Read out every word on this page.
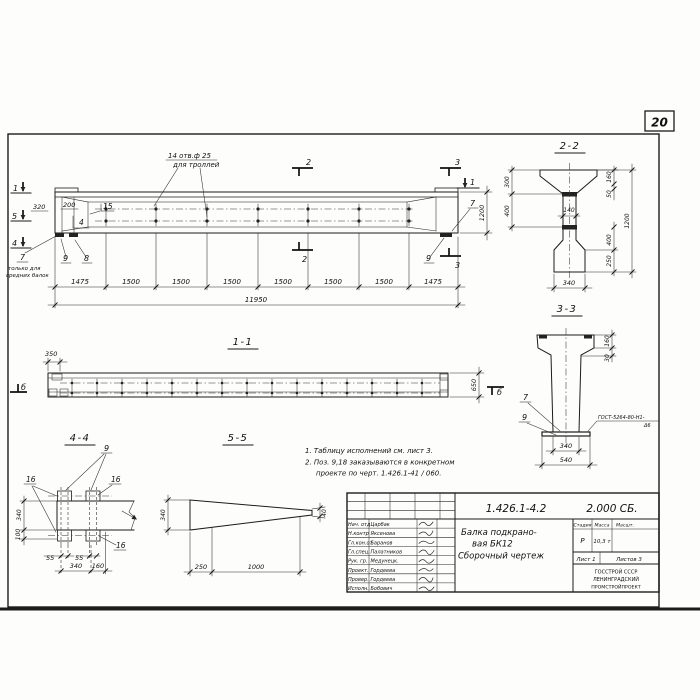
20
14 отв.ф 25
для троллей
1
5
4
2
2
3
3
1
320	200	15
4
7
только для
средних балок
9 8
7
9
1200
1475	1500	1500	1500	1500	1500	1500	1475
11950
1-1
350
650
б
б
2-2
300
400
160
50
400
250
1200
140
340
3-3
160
30
7
9	ГОСТ-5264-80-Н1-
Δ6
340
540
4-4
9
16	16
16
340
100
55	55
340 160
5-5
340	40
250	1000
1. Таблицу исполнений см. лист 3.
2. Поз. 9,18 заказываются в конкретном
проекте по черт. 1.426.1-41 / 060.
Нач. отд Царбак
Н.контр Яксенова
Гл.кон.от
Баранов
Гл.спец. Палатников
Рук. гр. Медунецк.
Проект. Гордеева
Провер. Гордеева
Исполн. Бобович
1.426.1-4.2	2.000 СБ.
Балка подкрано-
вая БК12
Сборочный чертеж
Стадия Масса Масшт.
Р 10,3 т
Лист 1	Листов 3
ГОССТРОЙ СССР
ЛЕНИНГРАДСКИЙ
ПРОМСТРОЙПРОЕКТ
